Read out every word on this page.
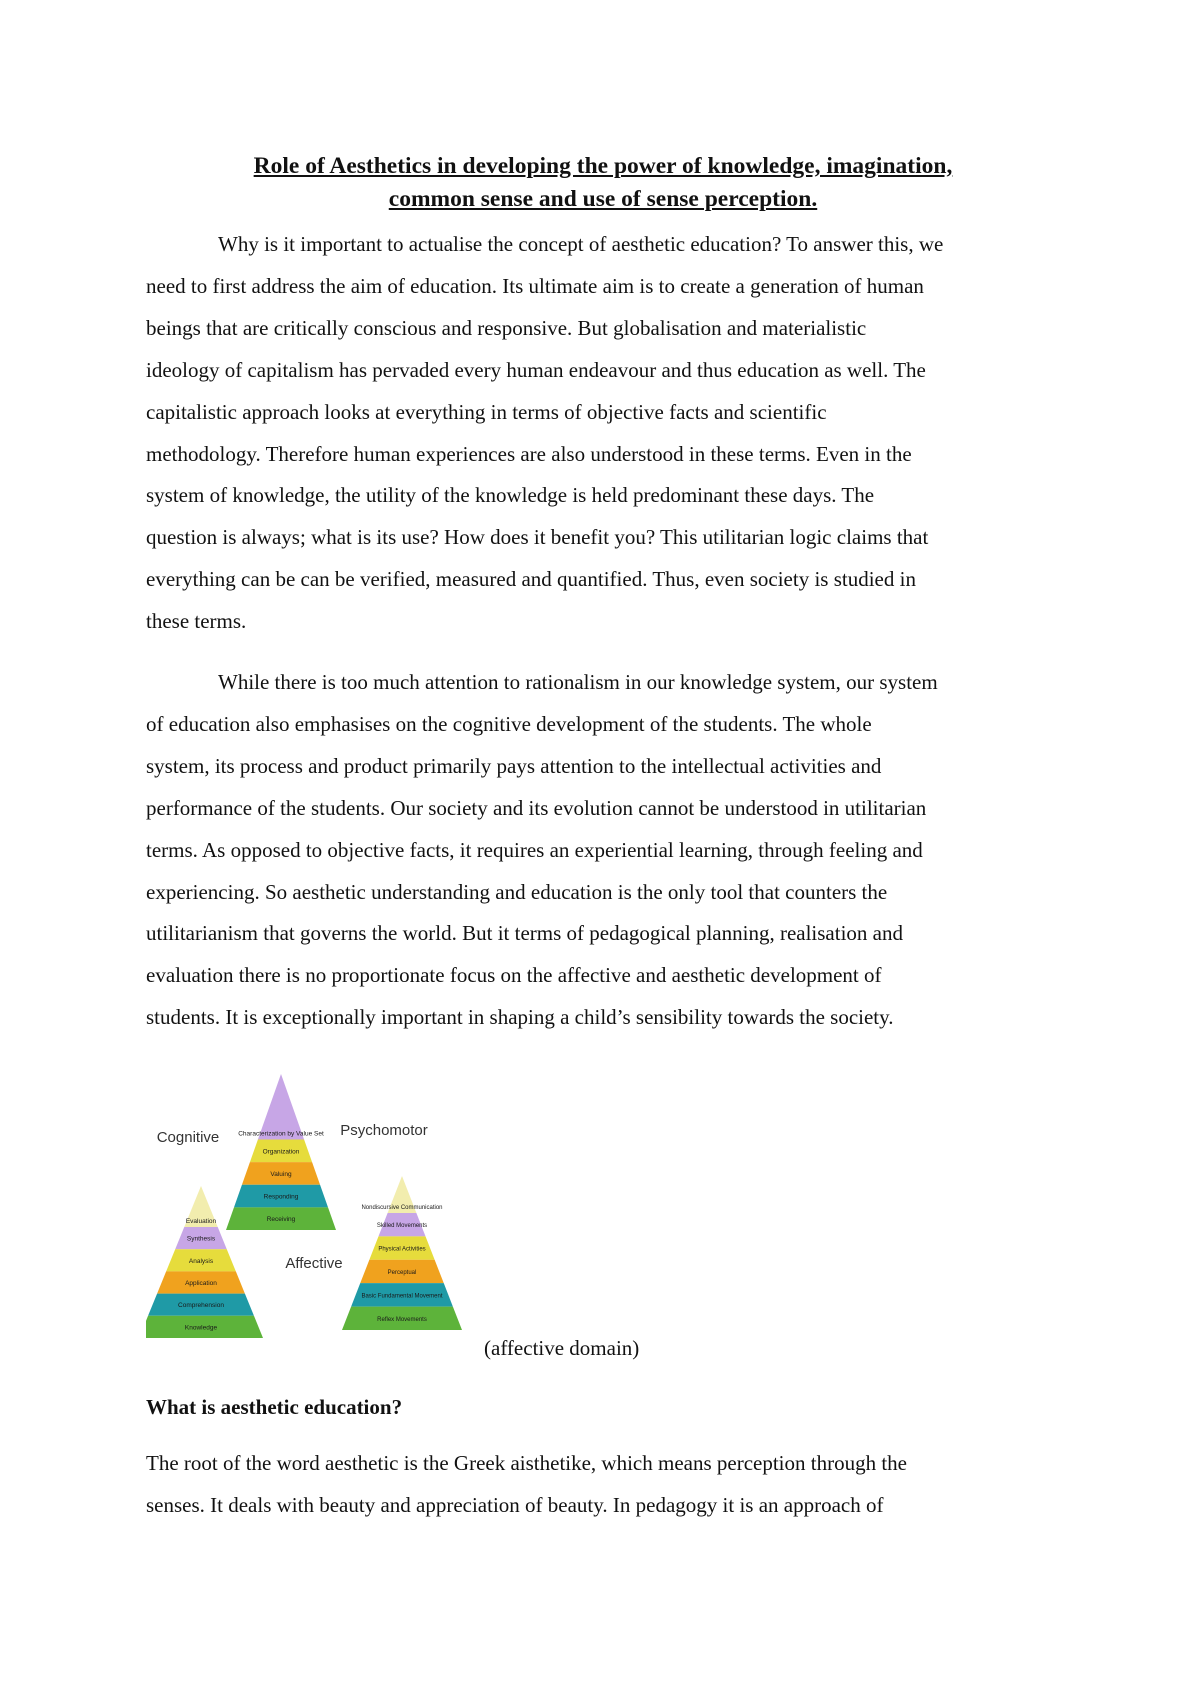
Role of Aesthetics in developing the power of knowledge, imagination,
common sense and use of sense perception.
Why is it important to actualise the concept of aesthetic education? To answer this, we
need to first address the aim of education. Its ultimate aim is to create a generation of human
beings that are critically conscious and responsive. But globalisation and materialistic
ideology of capitalism has pervaded every human endeavour and thus education as well. The
capitalistic approach looks at everything in terms of objective facts and scientific
methodology. Therefore human experiences are also understood in these terms. Even in the
system of knowledge, the utility of the knowledge is held predominant these days. The
question is always; what is its use? How does it benefit you? This utilitarian logic claims that
everything can be can be verified, measured and quantified. Thus, even society is studied in
these terms.
While there is too much attention to rationalism in our knowledge system, our system
of education also emphasises on the cognitive development of the students. The whole
system, its process and product primarily pays attention to the intellectual activities and
performance of the students. Our society and its evolution cannot be understood in utilitarian
terms. As opposed to objective facts, it requires an experiential learning, through feeling and
experiencing. So aesthetic understanding and education is the only tool that counters the
utilitarianism that governs the world. But it terms of pedagogical planning, realisation and
evaluation there is no proportionate focus on the affective and aesthetic development of
students. It is exceptionally important in shaping a child’s sensibility towards the society.
Characterization by Value Set
Organization
Valuing
Responding
Receiving
Evaluation
Synthesis
Analysis
Application
Comprehension
Knowledge
Nondiscursive Communication
Skilled Movements
Physical Activities
Perceptual
Basic Fundamental Movement
Reflex Movements
Cognitive
Affective
Psychomotor
(affective domain)
What is aesthetic education?
The root of the word aesthetic is the Greek aisthetike, which means perception through the
senses. It deals with beauty and appreciation of beauty. In pedagogy it is an approach of
